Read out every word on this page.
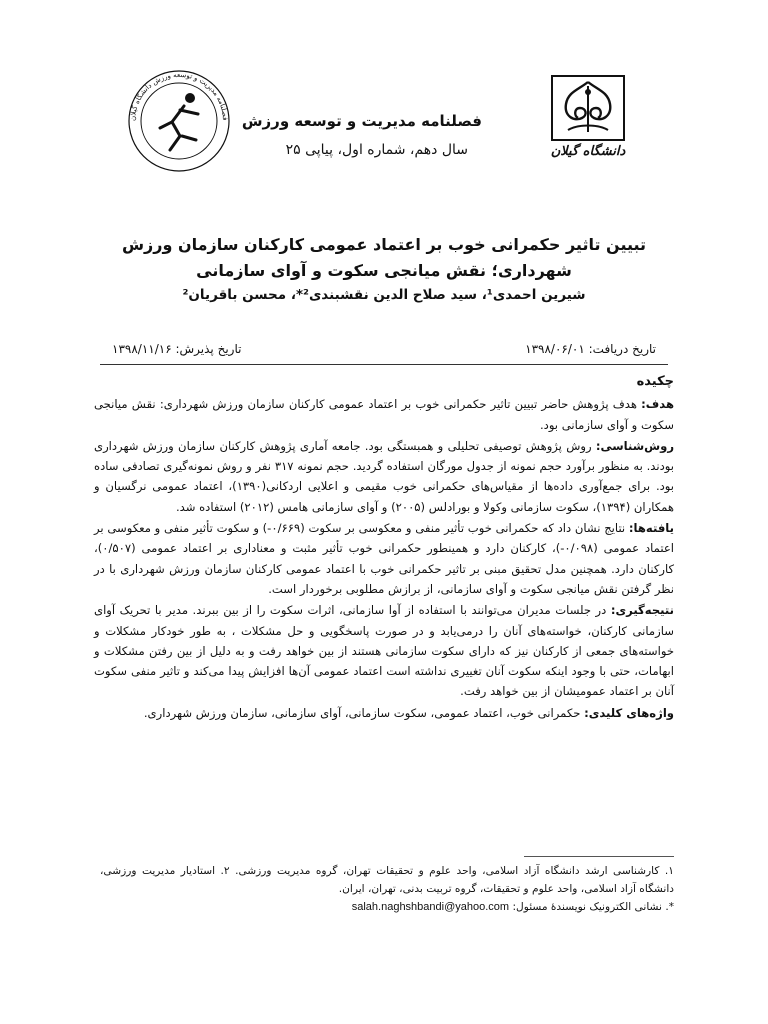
دانشگاه گیلان
فصلنامه مدیریت و توسعه ورزش دانشگاه گیلان فصلنامه مدیریت و توسعه ورزش
سال دهم، شماره اول، پیاپی ۲۵
تبیین تاثیر حکمرانی خوب بر اعتماد عمومی کارکنان سازمان ورزش شهرداری؛ نقش میانجی سکوت و آوای سازمانی
شیرین احمدی¹، سید صلاح الدین نقشبندی²*، محسن باقریان²
تاریخ دریافت: ۱۳۹۸/۰۶/۰۱
تاریخ پذیرش: ۱۳۹۸/۱۱/۱۶
چکیده

هدف: هدف پژوهش حاضر تبیین تاثیر حکمرانی خوب بر اعتماد عمومی کارکنان سازمان ورزش شهرداری: نقش میانجی سکوت و آوای سازمانی بود.

روش‌شناسی: روش پژوهش توصیفی تحلیلی و همبستگی بود. جامعه آماری پژوهش کارکنان سازمان ورزش شهرداری بودند. به منظور برآورد حجم نمونه از جدول مورگان استفاده گردید. حجم نمونه ۳۱۷ نفر و روش نمونه‌گیری تصادفی ساده بود. برای جمع‌آوری داده‌ها از مقیاس‌های حکمرانی خوب مقیمی و اعلایی اردکانی(۱۳۹۰)، اعتماد عمومی نرگسیان و همکاران (۱۳۹۴)، سکوت سازمانی وکولا و بورادلس (۲۰۰۵) و آوای سازمانی هامس (۲۰۱۲) استفاده شد.

یافته‌ها: نتایج نشان داد که حکمرانی خوب تأثیر منفی و معکوسی بر سکوت (۰/۶۶۹-) و سکوت تأثیر منفی و معکوسی بر اعتماد عمومی (۰/۰۹۸-)، کارکنان دارد و همینطور حکمرانی خوب تأثیر مثبت و معناداری بر اعتماد عمومی (۰/۵۰۷)، کارکنان دارد. همچنین مدل تحقیق مبنی بر تاثیر حکمرانی خوب با اعتماد عمومی کارکنان سازمان ورزش شهرداری با در نظر گرفتن نقش میانجی سکوت و آوای سازمانی، از برازش مطلوبی برخوردار است.

نتیجه‌گیری: در جلسات مدیران می‌توانند با استفاده از آوا سازمانی، اثرات سکوت را از بین ببرند. مدیر با تحریک آوای سازمانی کارکنان، خواسته‌های آنان را درمی‌یابد و در صورت پاسخگویی و حل مشکلات ، به طور خودکار مشکلات و خواسته‌های جمعی از کارکنان نیز که دارای سکوت سازمانی هستند از بین خواهد رفت و به دلیل از بین رفتن مشکلات و ابهامات، حتی با وجود اینکه سکوت آنان تغییری نداشته است اعتماد عمومی آن‌ها افزایش پیدا می‌کند و تاثیر منفی سکوت آنان بر اعتماد عمومیشان از بین خواهد رفت.

واژه‌های کلیدی: حکمرانی خوب، اعتماد عمومی، سکوت سازمانی، آوای سازمانی، سازمان ورزش شهرداری.

۱. کارشناسی ارشد دانشگاه آزاد اسلامی، واحد علوم و تحقیقات تهران، گروه مدیریت ورزشی. ۲. استادیار مدیریت ورزشی، دانشگاه آزاد اسلامی، واحد علوم و تحقیقات، گروه تربیت بدنی، تهران، ایران.

*. نشانی الکترونیک نویسندۀ مسئول: salah.naghshbandi@yahoo.com
